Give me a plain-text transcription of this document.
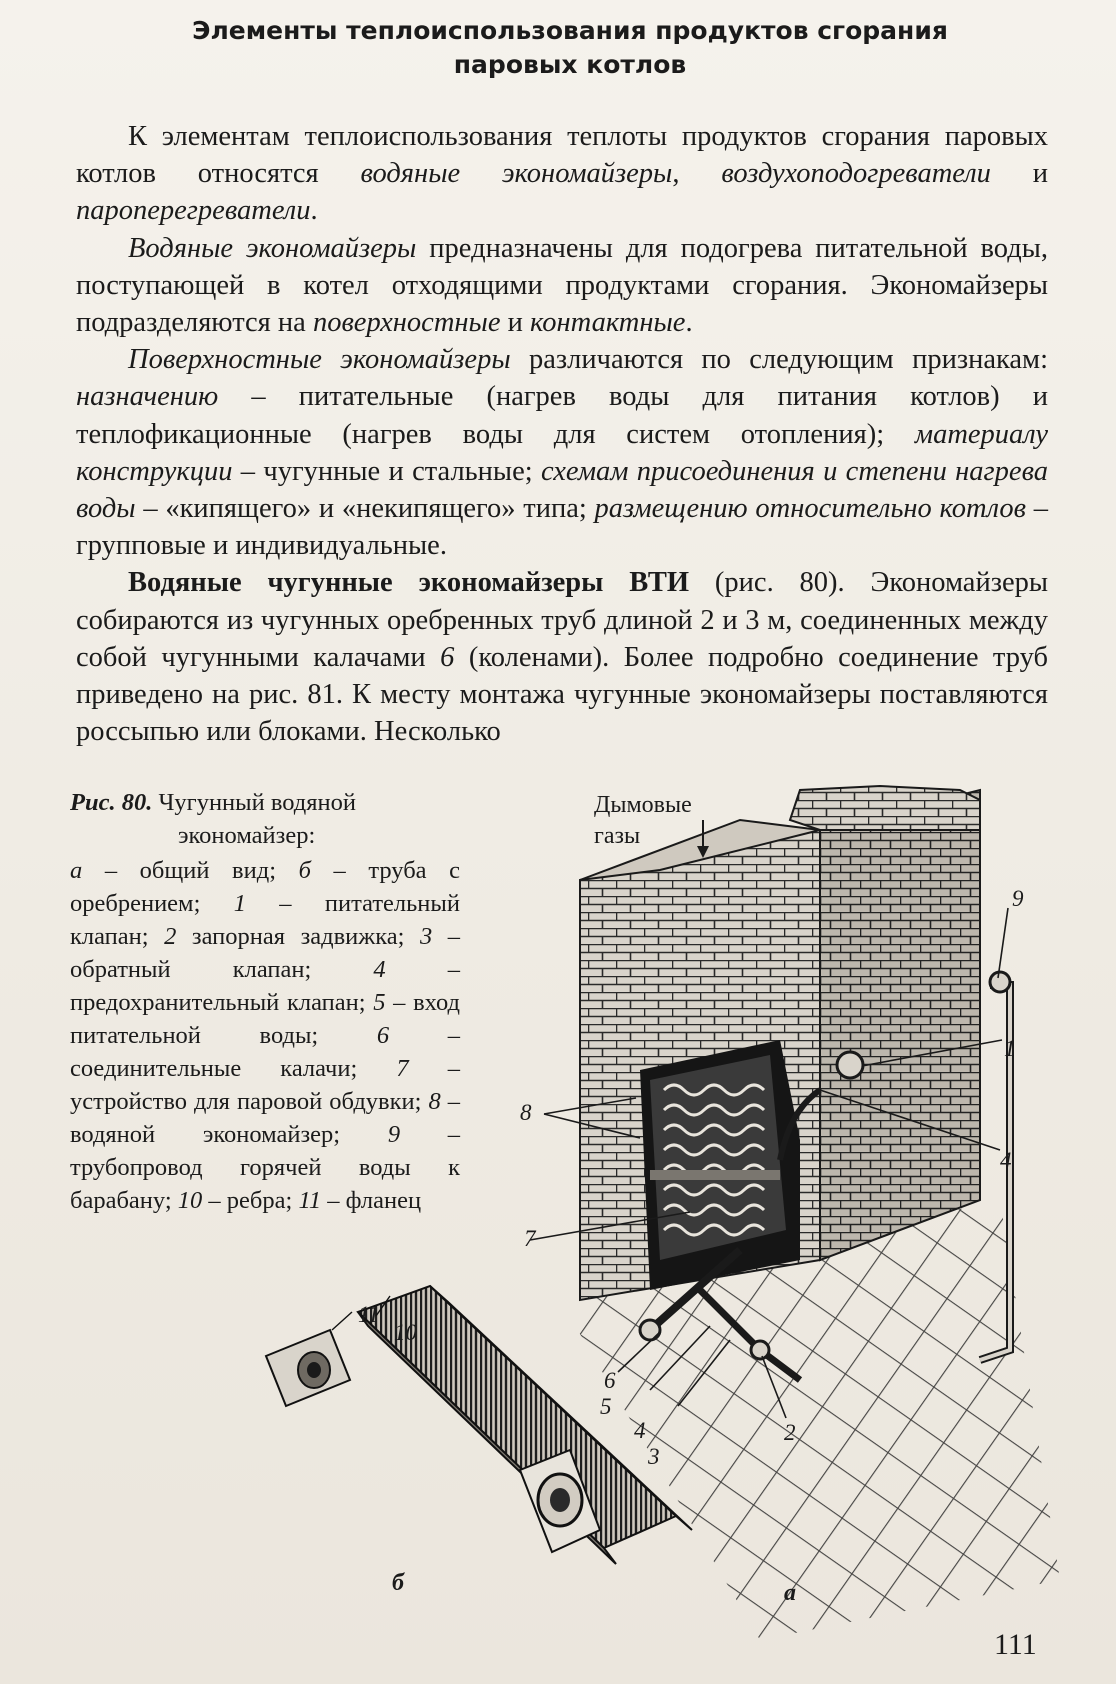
Элементы теплоиспользования продуктов сгорания
паровых котлов

К элементам теплоиспользования теплоты продуктов сгорания паровых котлов относятся водяные экономайзеры, воздухоподогреватели и пароперегреватели.

Водяные экономайзеры предназначены для подогрева питательной воды, поступающей в котел отходящими продуктами сгорания. Экономайзеры подразделяются на поверхностные и контактные.

Поверхностные экономайзеры различаются по следующим признакам: назначению – питательные (нагрев воды для питания котлов) и теплофикационные (нагрев воды для систем отопления); материалу конструкции – чугунные и стальные; схемам присоединения и степени нагрева воды – «кипящего» и «некипящего» типа; размещению относительно котлов – групповые и индивидуальные.

Водяные чугунные экономайзеры ВТИ (рис. 80). Экономайзеры собираются из чугунных оребренных труб длиной 2 и 3 м, соединенных между собой чугунными калачами 6 (коленами). Более подробно соединение труб приведено на рис. 81. К месту монтажа чугунные экономайзеры поставляются россыпью или блоками. Несколько

Рис. 80. Чугунный водяной
экономайзер:
а – общий вид; б – труба с оребрением; 1 – питательный клапан; 2 запорная задвижка; 3 – обратный клапан; 4 – предохранительный клапан; 5 – вход питательной воды; 6 – соединительные калачи; 7 – устройство для паровой обдувки; 8 – водяной экономайзер; 9 – трубопровод горячей воды к барабану; 10 – ребра; 11 – фланец
Дымовые газы
9
1
8
4
7
6
5
4
3
2
11
10
а
б
111
